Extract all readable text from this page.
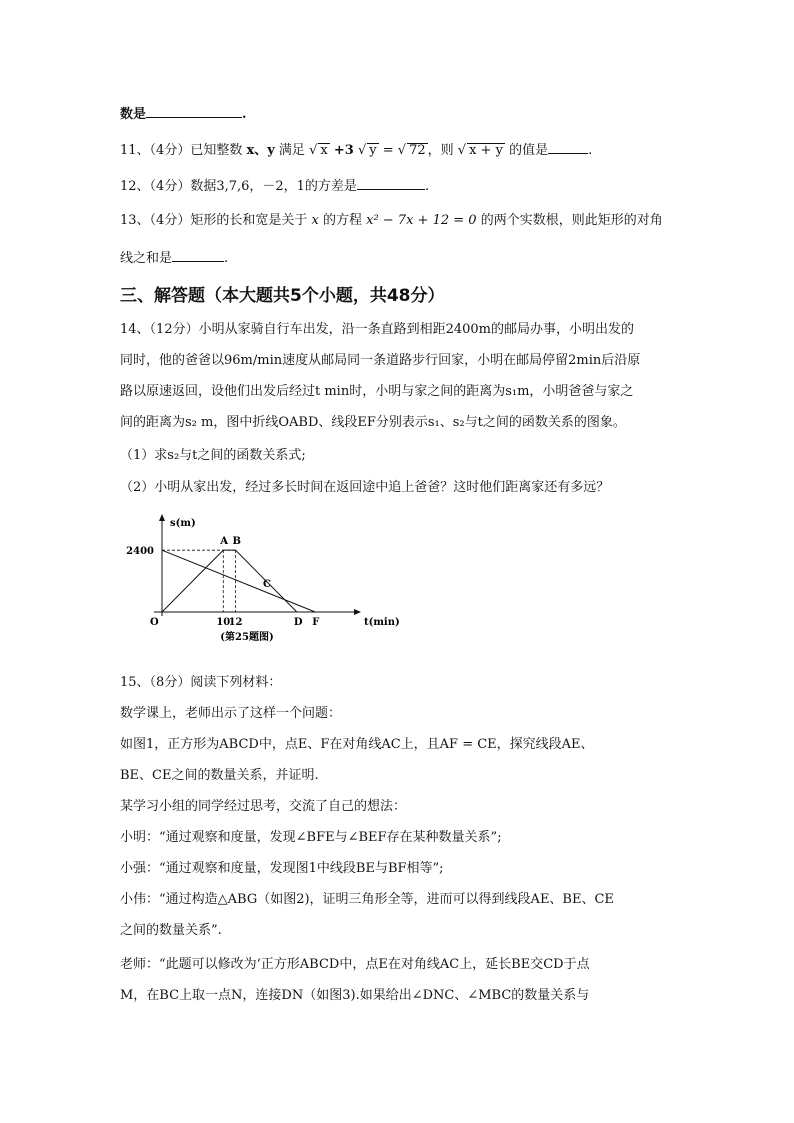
数是	.
11、（4分）已知整数 x、y 满足 √ x +3 √ y = √ 72 ，则 √ x + y 的值是	.
12、（4分）数据3,7,6，－2，1的方差是	.
13、（4分）矩形的长和宽是关于 x 的方程 x² − 7x + 12 = 0 的两个实数根，则此矩形的对角
线之和是	.
三、解答题（本大题共5个小题，共48分）
14、（12分）小明从家骑自行车出发，沿一条直路到相距2400m的邮局办事，小明出发的
同时，他的爸爸以96m/min速度从邮局同一条道路步行回家，小明在邮局停留2min后沿原
路以原速返回，设他们出发后经过t min时，小明与家之间的距离为s₁m，小明爸爸与家之
间的距离为s₂ m，图中折线OABD、线段EF分别表示s₁、s₂与t之间的函数关系的图象。
（1）求s₂与t之间的函数关系式;
（2）小明从家出发，经过多长时间在返回途中追上爸爸？这时他们距离家还有多远？
s(m)
t(min)
2400
10
12
O
A B
C
D F
(第25题图)
15、（8分）阅读下列材料：
数学课上，老师出示了这样一个问题：
如图1，正方形为ABCD中，点E、F在对角线AC上，且AF = CE，探究线段AE、
BE、CE之间的数量关系，并证明.
某学习小组的同学经过思考，交流了自己的想法：
小明：“通过观察和度量，发现∠BFE与∠BEF存在某种数量关系”;
小强：“通过观察和度量，发现图1中线段BE与BF相等”;
小伟：“通过构造△ABG（如图2)，证明三角形全等，进而可以得到线段AE、BE、CE
之间的数量关系”.
老师：“此题可以修改为‘正方形ABCD中，点E在对角线AC上，延长BE交CD于点
M，在BC上取一点N，连接DN（如图3).如果给出∠DNC、∠MBC的数量关系与
